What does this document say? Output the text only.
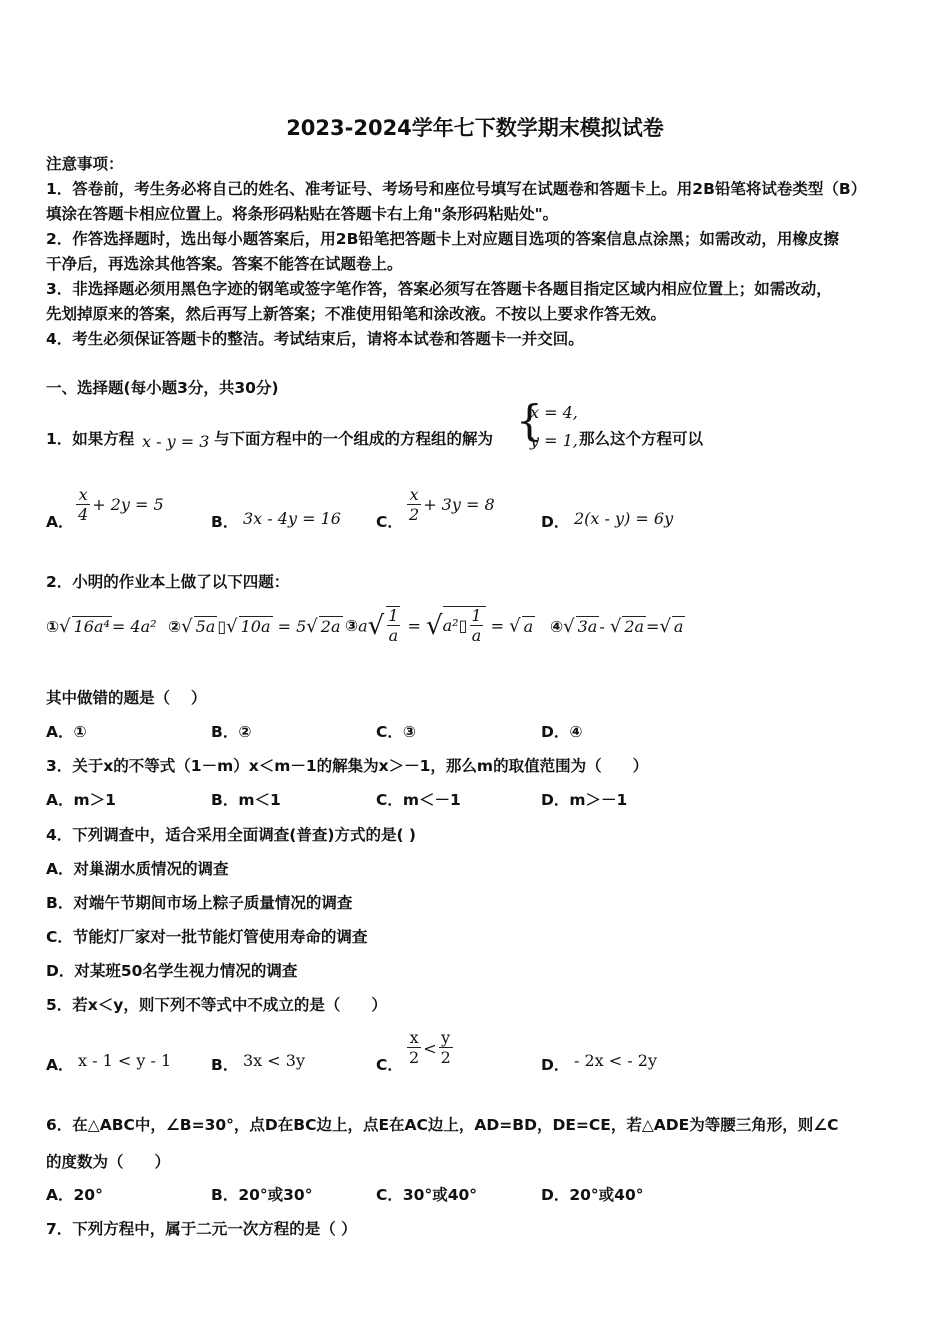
2023-2024学年七下数学期末模拟试卷
注意事项：
1．答卷前，考生务必将自己的姓名、准考证号、考场号和座位号填写在试题卷和答题卡上。用2B铅笔将试卷类型（B）
填涂在答题卡相应位置上。将条形码粘贴在答题卡右上角"条形码粘贴处"。
2．作答选择题时，选出每小题答案后，用2B铅笔把答题卡上对应题目选项的答案信息点涂黑；如需改动，用橡皮擦
干净后，再选涂其他答案。答案不能答在试题卷上。
3．非选择题必须用黑色字迹的钢笔或签字笔作答，答案必须写在答题卡各题目指定区域内相应位置上；如需改动，
先划掉原来的答案，然后再写上新答案；不准使用铅笔和涂改液。不按以上要求作答无效。
4．考生必须保证答题卡的整洁。考试结束后，请将本试卷和答题卡一并交回。
一、选择题(每小题3分，共30分)
1．如果方程 x - y = 3 与下面方程中的一个组成的方程组的解为 {
x = 4,
y = 1, 那么这个方程可以
A． $\frac{x}{4} + 2y = 5$
B． 3x - 4y = 16 C． $\frac{x}{2} + 3y = 8$
D． 2(x - y) = 6y
2．小明的作业本上做了以下四题：
①√ 16a⁴ = 4a² ②√ 5a ▯√ 10a = 5√ 2a ③a√ $\frac{1}{a}$ = √a²▯ $\frac{1}{a}$ = √ a ④√ 3a - √ 2a =√ a
其中做错的题是（　 ）
A．①	B．②	C．③	D．④
3．关于x的不等式（1－m）x＜m－1的解集为x＞－1，那么m的取值范围为（　　）
A．m＞1	B．m＜1	C．m＜－1	D．m＞－1
4．下列调查中，适合采用全面调查(普查)方式的是( )
A．对巢湖水质情况的调查
B．对端午节期间市场上粽子质量情况的调查
C．节能灯厂家对一批节能灯管使用寿命的调查
D．对某班50名学生视力情况的调查
5．若x＜y，则下列不等式中不成立的是（　　）
A． x - 1 < y - 1	B． 3x < 3y	C． $\frac{x}{2} < \frac{y}{2}$	D． - 2x < - 2y
6．在△ABC中，∠B=30°，点D在BC边上，点E在AC边上，AD=BD，DE=CE，若△ADE为等腰三角形，则∠C
的度数为（　　）
A．20°	B．20°或30°	C．30°或40°	D．20°或40°
7．下列方程中，属于二元一次方程的是（ ）
